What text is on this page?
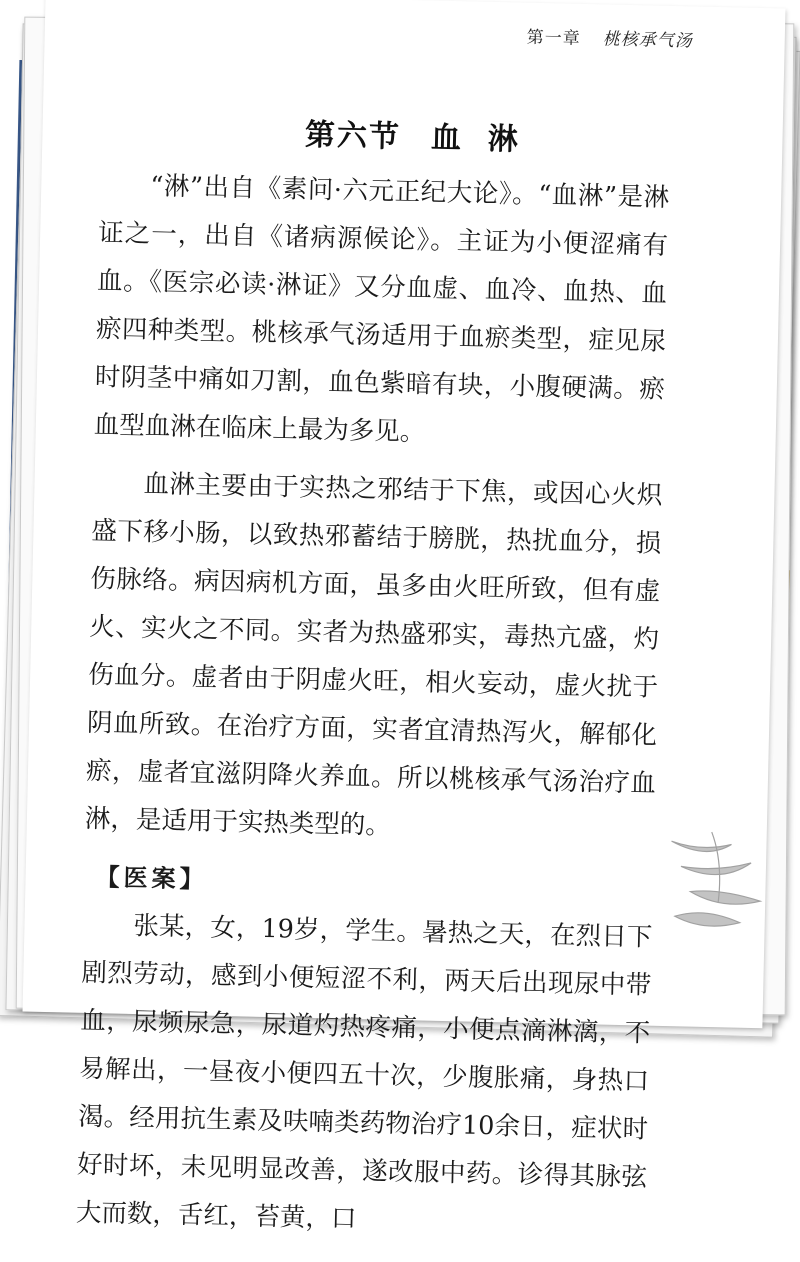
第一章 桃核承气汤
第六节 血  淋

“淋”出自《素问·六元正纪大论》。“血淋”是淋证之一，出自《诸病源候论》。主证为小便涩痛有血。《医宗必读·淋证》又分血虚、血冷、血热、血瘀四种类型。桃核承气汤适用于血瘀类型，症见尿时阴茎中痛如刀割，血色紫暗有块，小腹硬满。瘀血型血淋在临床上最为多见。

血淋主要由于实热之邪结于下焦，或因心火炽盛下移小肠，以致热邪蓄结于膀胱，热扰血分，损伤脉络。病因病机方面，虽多由火旺所致，但有虚火、实火之不同。实者为热盛邪实，毒热亢盛，灼伤血分。虚者由于阴虚火旺，相火妄动，虚火扰于阴血所致。在治疗方面，实者宜清热泻火，解郁化瘀，虚者宜滋阴降火养血。所以桃核承气汤治疗血淋，是适用于实热类型的。

【医案】

张某，女，19岁，学生。暑热之天，在烈日下剧烈劳动，感到小便短涩不利，两天后出现尿中带血，尿频尿急，尿道灼热疼痛，小便点滴淋漓，不易解出，一昼夜小便四五十次，少腹胀痛，身热口渴。经用抗生素及呋喃类药物治疗10余日，症状时好时坏，未见明显改善，遂改服中药。诊得其脉弦大而数，舌红，苔黄，口
